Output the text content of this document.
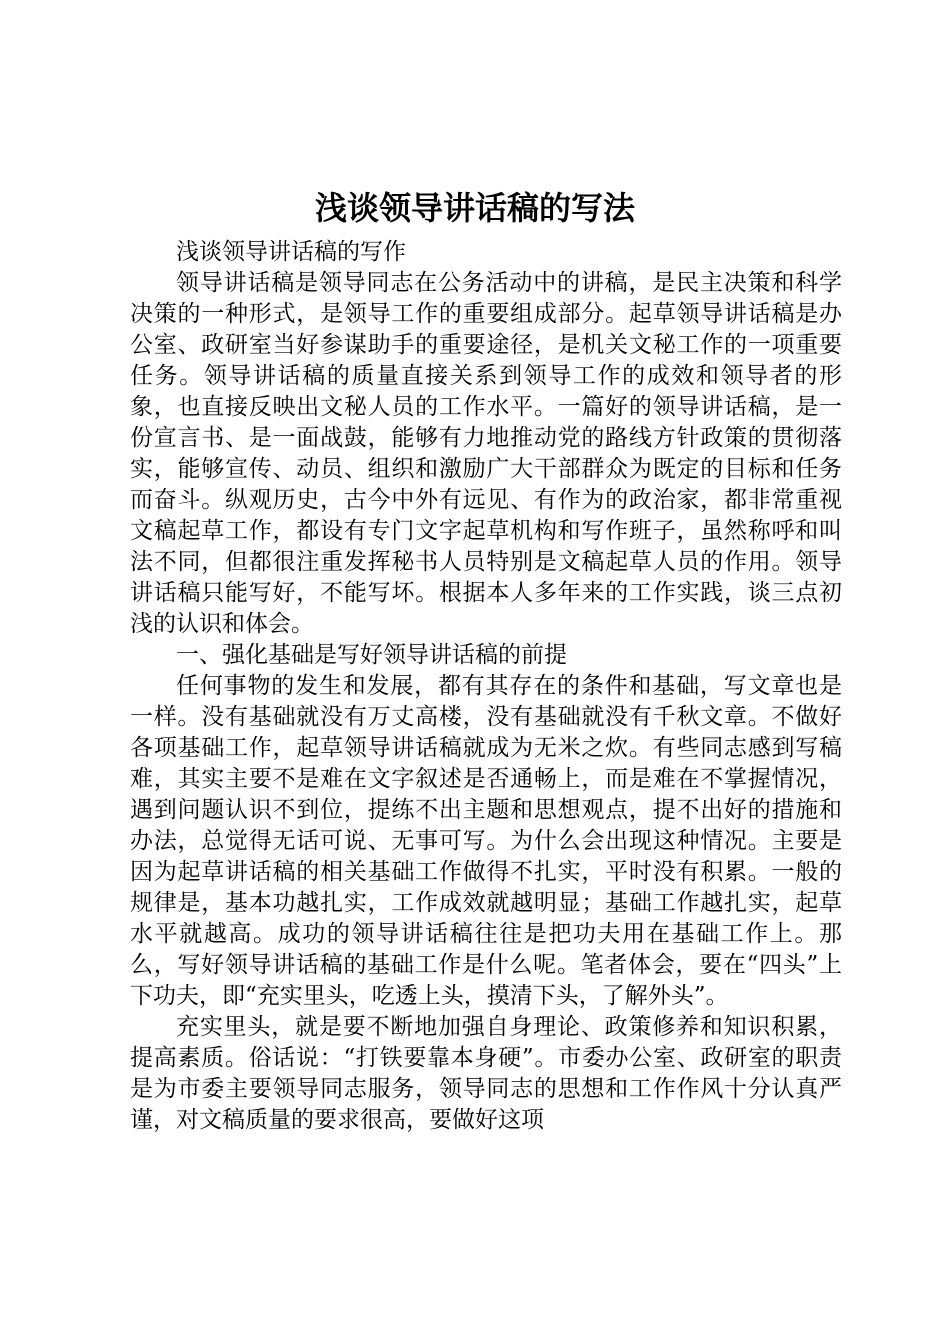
浅谈领导讲话稿的写法

浅谈领导讲话稿的写作

领导讲话稿是领导同志在公务活动中的讲稿，是民主决策和科学决策的一种形式，是领导工作的重要组成部分。起草领导讲话稿是办公室、政研室当好参谋助手的重要途径，是机关文秘工作的一项重要任务。领导讲话稿的质量直接关系到领导工作的成效和领导者的形象，也直接反映出文秘人员的工作水平。一篇好的领导讲话稿，是一份宣言书、是一面战鼓，能够有力地推动党的路线方针政策的贯彻落实，能够宣传、动员、组织和激励广大干部群众为既定的目标和任务而奋斗。纵观历史，古今中外有远见、有作为的政治家，都非常重视文稿起草工作，都设有专门文字起草机构和写作班子，虽然称呼和叫法不同，但都很注重发挥秘书人员特别是文稿起草人员的作用。领导讲话稿只能写好，不能写坏。根据本人多年来的工作实践，谈三点初浅的认识和体会。

一、强化基础是写好领导讲话稿的前提

任何事物的发生和发展，都有其存在的条件和基础，写文章也是一样。没有基础就没有万丈高楼，没有基础就没有千秋文章。不做好各项基础工作，起草领导讲话稿就成为无米之炊。有些同志感到写稿难，其实主要不是难在文字叙述是否通畅上，而是难在不掌握情况，遇到问题认识不到位，提练不出主题和思想观点，提不出好的措施和办法，总觉得无话可说、无事可写。为什么会出现这种情况。主要是因为起草讲话稿的相关基础工作做得不扎实，平时没有积累。一般的规律是，基本功越扎实，工作成效就越明显；基础工作越扎实，起草水平就越高。成功的领导讲话稿往往是把功夫用在基础工作上。那么，写好领导讲话稿的基础工作是什么呢。笔者体会，要在“四头”上下功夫，即“充实里头，吃透上头，摸清下头，了解外头”。

充实里头，就是要不断地加强自身理论、政策修养和知识积累，提高素质。俗话说：“打铁要靠本身硬”。市委办公室、政研室的职责是为市委主要领导同志服务，领导同志的思想和工作作风十分认真严谨，对文稿质量的要求很高，要做好这项
